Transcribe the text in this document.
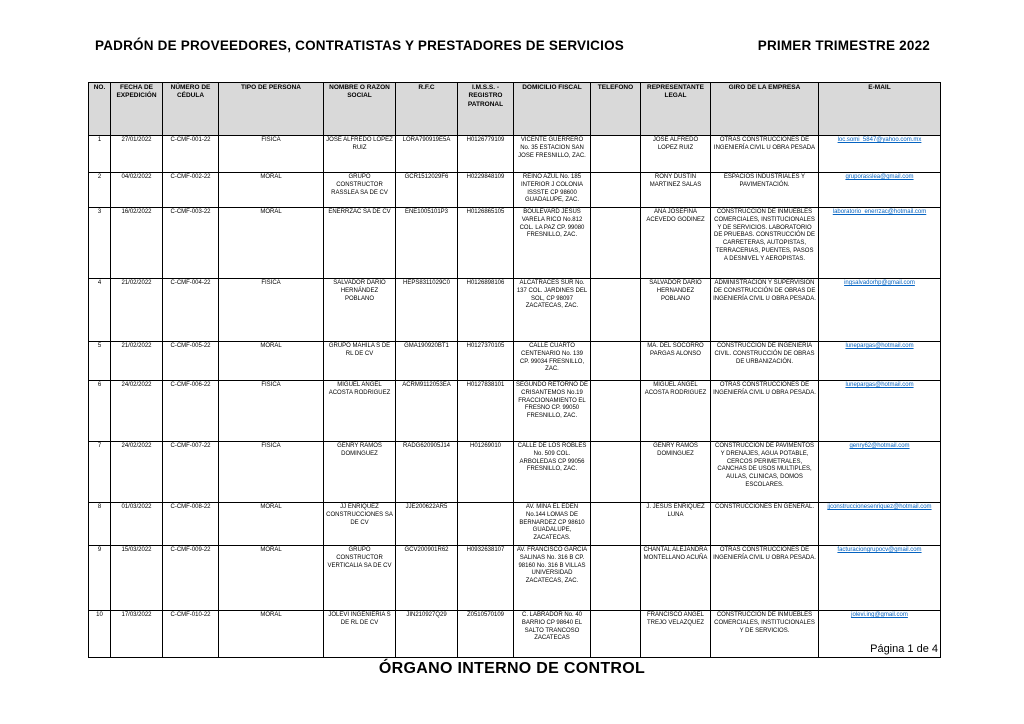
PADRÓN DE PROVEEDORES, CONTRATISTAS Y PRESTADORES DE SERVICIOS	PRIMER TRIMESTRE 2022
NO.	FECHA DE EXPEDICIÓN	NÚMERO DE CÉDULA	TIPO DE PERSONA	NOMBRE O RAZON SOCIAL	R.F.C	I.M.S.S. - REGISTRO PATRONAL	DOMICILIO FISCAL	TELEFONO	REPRESENTANTE LEGAL	GIRO DE LA EMPRESA	E-MAIL
1	27/01/2022	C-CMF-001-22	FISICA	JOSE ALFREDO LOPEZ RUIZ	LORA790919E5A	H0126779109	VICENTE GUERRERO No. 35 ESTACION SAN JOSE FRESNILLO, ZAC.		JOSE ALFREDO LOPEZ RUIZ	OTRAS CONSTRUCCIONES DE INGENIERÍA CIVIL U OBRA PESADA	loc.somi_5847@yahoo.com.mx
2	04/02/2022	C-CMF-002-22	MORAL	GRUPO CONSTRUCTOR RASSLEA SA DE CV	GCR1512029F6	H0229848109	REINO AZUL No. 185 INTERIOR J COLONIA ISSSTE CP 98600 GUADALUPE, ZAC.		RONY DUSTIN MARTINEZ SALAS	ESPACIOS INDUSTRIALES Y PAVIMENTACIÓN.	gruporasslea@gmail.com
3	16/02/2022	C-CMF-003-22	MORAL	ENERRZAC SA DE CV	ENE1005101P3	H0126865105	BOULEVARD JESUS VARELA RICO No.812 COL. LA PAZ CP. 99080 FRESNILLO, ZAC.		ANA JOSEFINA ACEVEDO GODINEZ	CONSTRUCCIÓN DE INMUEBLES COMERCIALES, INSTITUCIONALES Y DE SERVICIOS. LABORATORIO DE PRUEBAS. CONSTRUCCIÓN DE CARRETERAS, AUTOPISTAS, TERRACERIAS, PUENTES, PASOS A DESNIVEL Y AEROPISTAS.	laboratorio_enerrzac@hotmail.com
4	21/02/2022	C-CMF-004-22	FISICA	SALVADOR DARIO HERNÁNDEZ POBLANO	HEPS8311029C0	H0126898106	ALCATRACES SUR No. 137 COL. JARDINES DEL SOL, CP 98097 ZACATECAS, ZAC.		SALVADOR DARIO HERNANDEZ POBLANO	ADMINISTRACIÓN Y SUPERVISIÓN DE CONSTRUCCIÓN DE OBRAS DE INGENIERÍA CIVIL U OBRA PESADA.	ingsalvadorhp@gmail.com
5	21/02/2022	C-CMF-005-22	MORAL	GRUPO MAHILA S DE RL DE CV	GMA190920BT1	H0127370105	CALLE CUARTO CENTENARIO No. 139 CP. 99034 FRESNILLO, ZAC.		MA. DEL SOCORRO PARGAS ALONSO	CONSTRUCCIÓN DE INGENIERÍA CIVIL. CONSTRUCCIÓN DE OBRAS DE URBANIZACIÓN.	lunepargas@hotmail.com
6	24/02/2022	C-CMF-006-22	FISICA	MIGUEL ANGEL ACOSTA RODRIGUEZ	ACRM9112053EA	H0127838101	SEGUNDO RETORNO DE CRISANTEMOS No.19 FRACCIONAMIENTO EL FRESNO CP. 99050 FRESNILLO, ZAC.		MIGUEL ANGEL ACOSTA RODRIGUEZ	OTRAS CONSTRUCCIONES DE INGENIERÍA CIVIL U OBRA PESADA.	lunepargas@hotmail.com
7	24/02/2022	C-CMF-007-22	FISICA	GENRY RAMOS DOMINGUEZ	RADG620905J14	H01269010	CALLE DE LOS ROBLES No. 509 COL. ARBOLEDAS CP 99056 FRESNILLO, ZAC.		GENRY RAMOS DOMINGUEZ	CONSTRUCCIÓN DE PAVIMENTOS Y DRENAJES, AGUA POTABLE, CERCOS PERIMETRALES, CANCHAS DE USOS MULTIPLES, AULAS, CLINICAS, DOMOS ESCOLARES.	genry62@hotmail.com
8	01/03/2022	C-CMF-008-22	MORAL	JJ ENRIQUEZ CONSTRUCCIONES SA DE CV	JJE200622AR5		AV. MINA EL EDEN No.144 LOMAS DE BERNARDEZ CP 98610 GUADALUPE, ZACATECAS.		J. JESUS ENRIQUEZ LUNA	CONSTRUCCIONES EN GENERAL.	jjconstruccionesenriquez@hotmail.com
9	15/03/2022	C-CMF-009-22	MORAL	GRUPO CONSTRUCTOR VERTICALIA SA DE CV	GCV200901R62	H0932638107	AV. FRANCISCO GARCIA SALINAS No. 316 B CP. 98160 No. 316 B VILLAS UNIVERSIDAD ZACATECAS, ZAC.		CHANTAL ALEJANDRA MONTELLANO ACUÑA	OTRAS CONSTRUCCIONES DE INGENIERÍA CIVIL U OBRA PESADA.	facturaciongrupocv@gmail.com
10	17/03/2022	C-CMF-010-22	MORAL	JOLEVI INGENIERIA S DE RL DE CV	JIN210927Q29	Z0510570109	C. LABRADOR No. 40 BARRIO CP 98640 EL SALTO TRANCOSO ZACATECAS		FRANCISCO ANGEL TREJO VELAZQUEZ	CONSTRUCCIÓN DE INMUEBLES COMERCIALES, INSTITUCIONALES Y DE SERVICIOS.	jolevi.ing@gmail.com
Página 1 de 4
ÓRGANO INTERNO DE CONTROL
